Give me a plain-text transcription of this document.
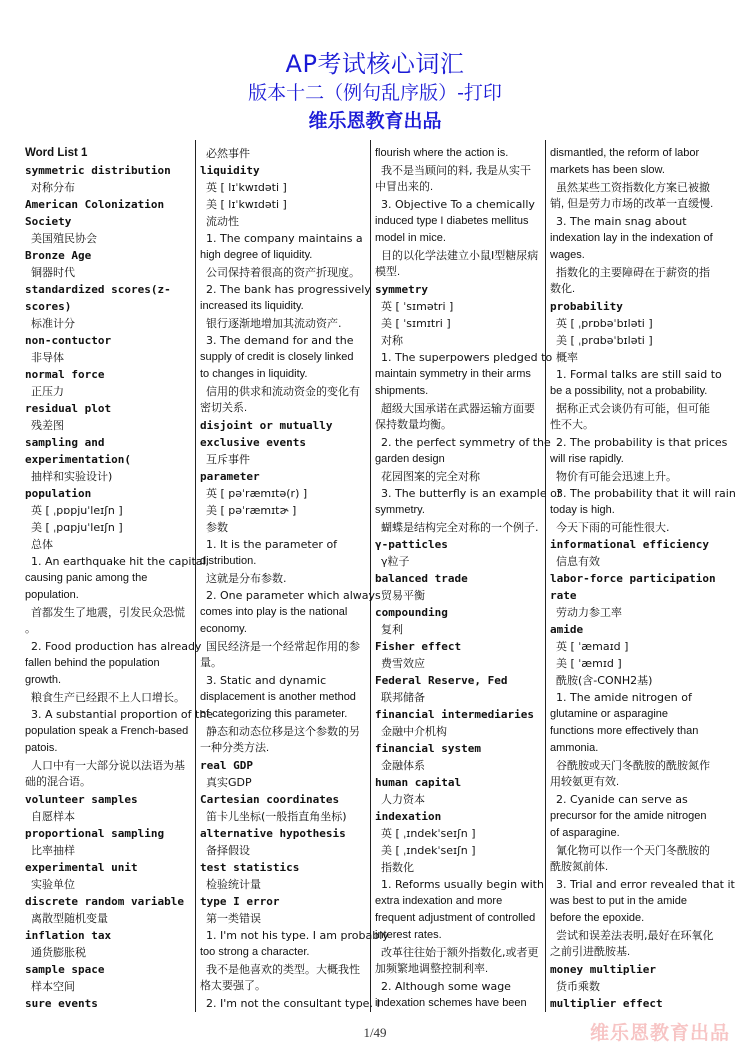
AP考试核心词汇
版本十二（例句乱序版）-打印
维乐恩教育出品
Word List 1
symmetric distribution
对称分布
American Colonization
Society
美国殖民协会
Bronze Age
铜器时代
standardized scores(z-
scores)
标准计分
non-contuctor
非导体
normal force
正压力
residual plot
残差图
sampling and
experimentation(
抽样和实验设计)
population
英 [ ˌpɒpjuˈleɪʃn ]
美 [ ˌpɑpjuˈleɪʃn ]
总体
1. An earthquake hit the capital,
causing panic among the
population.
首都发生了地震，引发民众恐慌
。
2. Food production has already
fallen behind the population
growth.
粮食生产已经跟不上人口增长。
3. A substantial proportion of the
population speak a French-based
patois.
人口中有一大部分说以法语为基
础的混合语。
volunteer samples
自愿样本
proportional sampling
比率抽样
experimental unit
实验单位
discrete random variable
离散型随机变量
inflation tax
通货膨胀税
sample space
样本空间
sure events
必然事件
liquidity
英 [ lɪˈkwɪdəti ]
美 [ lɪˈkwɪdəti ]
流动性
1. The company maintains a
high degree of liquidity.
公司保持着很高的资产折现度。
2. The bank has progressively
increased its liquidity.
银行逐渐地增加其流动资产.
3. The demand for and the
supply of credit is closely linked
to changes in liquidity.
信用的供求和流动资金的变化有
密切关系.
disjoint or mutually
exclusive events
互斥事件
parameter
英 [ pəˈræmɪtə(r) ]
美 [ pəˈræmɪtɚ ]
参数
1. It is the parameter of
distribution.
这就是分布参数.
2. One parameter which always
comes into play is the national
economy.
国民经济是一个经常起作用的参
量。
3. Static and dynamic
displacement is another method
of categorizing this parameter.
静态和动态位移是这个参数的另
一种分类方法.
real GDP
真实GDP
Cartesian coordinates
笛卡儿坐标(一般指直角坐标)
alternative hypothesis
备择假设
test statistics
检验统计量
type I error
第一类错误
1. I'm not his type. I am probably
too strong a character.
我不是他喜欢的类型。大概我性
格太要强了。
2. I'm not the consultant type. I
flourish where the action is.
我不是当顾问的料, 我是从实干
中冒出来的.
3. Objective To a chemically
induced type I diabetes mellitus
model in mice.
目的以化学法建立小鼠I型糖尿病
模型.
symmetry
英 [ ˈsɪmətri ]
美 [ ˈsɪmɪtri ]
对称
1. The superpowers pledged to
maintain symmetry in their arms
shipments.
超级大国承诺在武器运输方面要
保持数量均衡。
2. the perfect symmetry of the
garden design
花园图案的完全对称
3. The butterfly is an example of
symmetry.
蝴蝶是结构完全对称的一个例子.
γ-patticles
γ粒子
balanced trade
贸易平衡
compounding
复利
Fisher effect
费雪效应
Federal Reserve, Fed
联邦储备
financial intermediaries
金融中介机构
financial system
金融体系
human capital
人力资本
indexation
英 [ ˌɪndekˈseɪʃn ]
美 [ ˌɪndekˈseɪʃn ]
指数化
1. Reforms usually begin with
extra indexation and more
frequent adjustment of controlled
interest rates.
改革往往始于额外指数化,或者更
加频繁地调整控制利率.
2. Although some wage
indexation schemes have been
dismantled, the reform of labor
markets has been slow.
虽然某些工资指数化方案已被撤
销, 但是劳力市场的改革一直缓慢.
3. The main snag about
indexation lay in the indexation of
wages.
指数化的主要障碍在于薪资的指
数化.
probability
英 [ ˌprɒbəˈbɪləti ]
美 [ ˌprɑbəˈbɪləti ]
概率
1. Formal talks are still said to
be a possibility, not a probability.
据称正式会谈仍有可能，但可能
性不大。
2. The probability is that prices
will rise rapidly.
物价有可能会迅速上升。
3. The probability that it will rain
today is high.
今天下雨的可能性很大.
informational efficiency
信息有效
labor-force participation
rate
劳动力参工率
amide
英 [ ˈæmaɪd ]
美 [ ˈæmɪd ]
酰胺(含-CONH2基)
1. The amide nitrogen of
glutamine or asparagine
functions more effectively than
ammonia.
谷酰胺或天门冬酰胺的酰胺氮作
用较氨更有效.
2. Cyanide can serve as
precursor for the amide nitrogen
of asparagine.
氰化物可以作一个天门冬酰胺的
酰胺氮前体.
3. Trial and error revealed that it
was best to put in the amide
before the epoxide.
尝试和误差法表明,最好在环氧化
之前引进酰胺基.
money multiplier
货币乘数
multiplier effect
1/49	维乐恩教育出品
